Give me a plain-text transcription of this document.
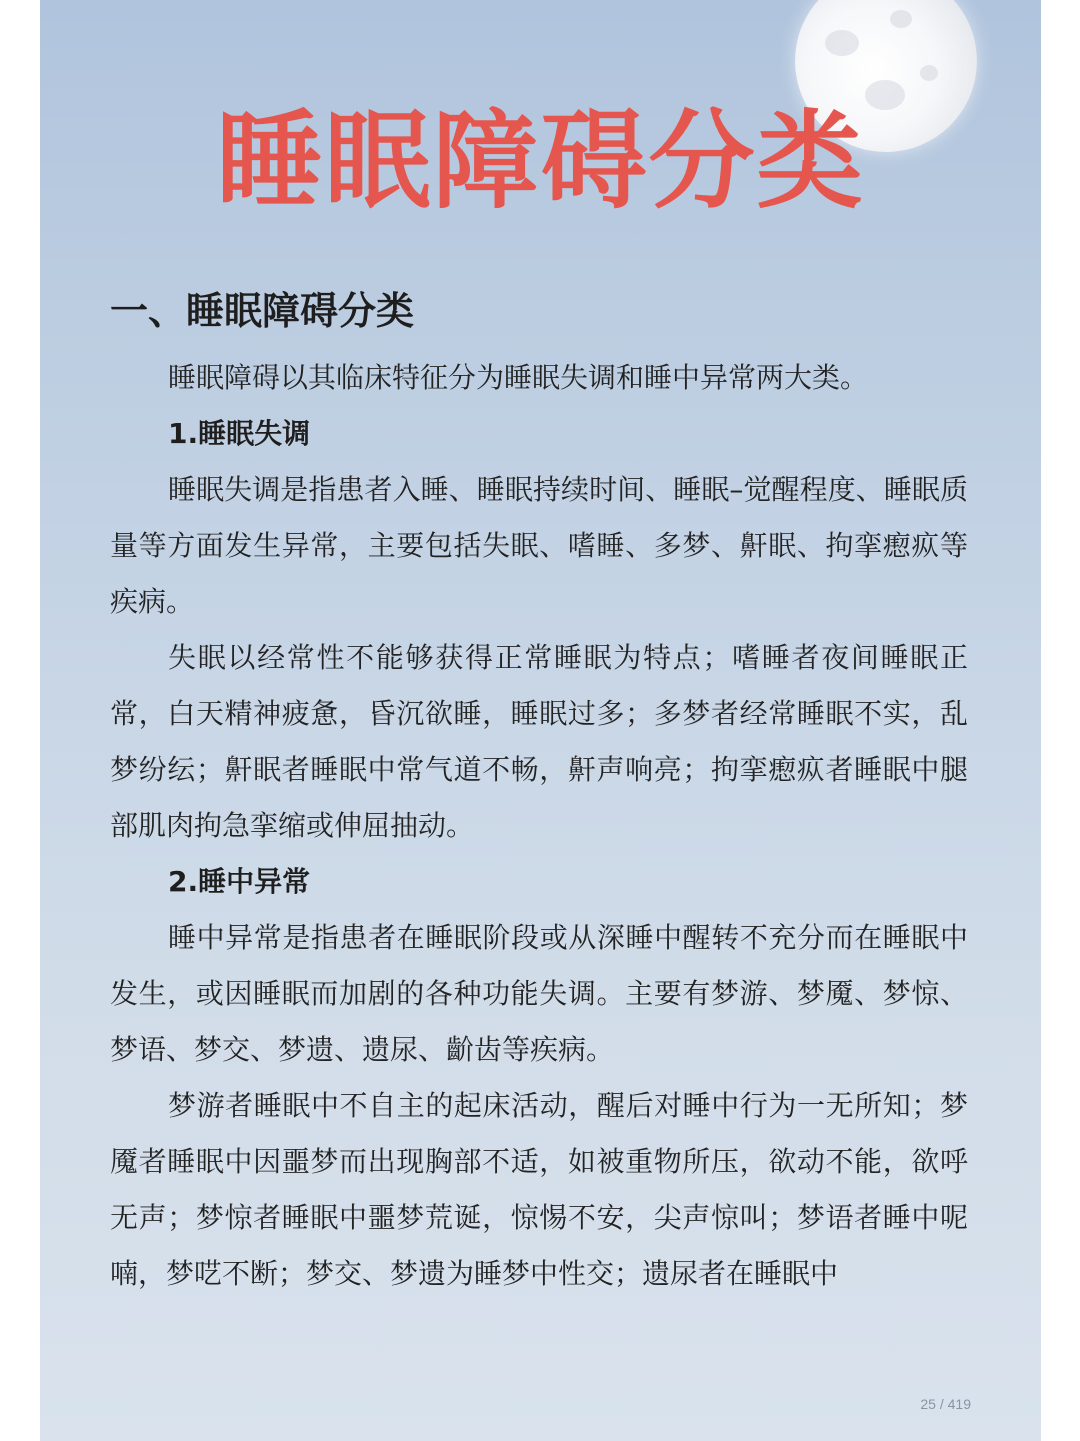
睡眠障碍分类
一、睡眠障碍分类

睡眠障碍以其临床特征分为睡眠失调和睡中异常两大类。

1.睡眠失调

睡眠失调是指患者入睡、睡眠持续时间、睡眠–觉醒程度、睡眠质量等方面发生异常，主要包括失眠、嗜睡、多梦、鼾眠、拘挛瘛疭等疾病。

失眠以经常性不能够获得正常睡眠为特点；嗜睡者夜间睡眠正常，白天精神疲惫，昏沉欲睡，睡眠过多；多梦者经常睡眠不实，乱梦纷纭；鼾眠者睡眠中常气道不畅，鼾声响亮；拘挛瘛疭者睡眠中腿部肌肉拘急挛缩或伸屈抽动。

2.睡中异常

睡中异常是指患者在睡眠阶段或从深睡中醒转不充分而在睡眠中发生，或因睡眠而加剧的各种功能失调。主要有梦游、梦魇、梦惊、梦语、梦交、梦遗、遗尿、齘齿等疾病。

梦游者睡眠中不自主的起床活动，醒后对睡中行为一无所知；梦魇者睡眠中因噩梦而出现胸部不适，如被重物所压，欲动不能，欲呼无声；梦惊者睡眠中噩梦荒诞，惊惕不安，尖声惊叫；梦语者睡中呢喃，梦呓不断；梦交、梦遗为睡梦中性交；遗尿者在睡眠中

25 / 419
